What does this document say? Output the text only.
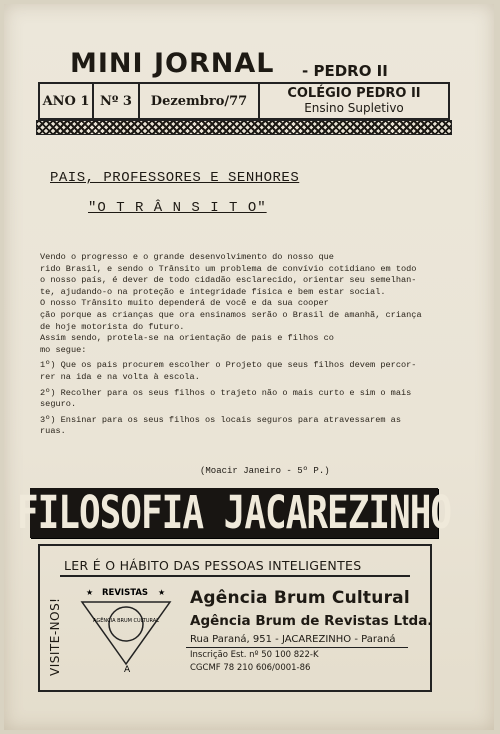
MINI JORNAL - PEDRO II
ANO 1 Nº 3	Dezembro/77	COLÉGIO PEDRO II
Ensino Supletivo
PAIS, PROFESSORES E SENHORES
"O T R Â N S I T O"
Vendo o progresso e o grande desenvolvimento do nosso que
rido Brasil, e sendo o Trânsito um problema de convívio cotidiano em todo
o nosso país, é dever de todo cidadão esclarecido, orientar seu semelhan-
te, ajudando-o na proteção e integridade física e bem estar social.
O nosso Trânsito muito dependerá de você e da sua cooper
ção porque as crianças que ora ensinamos serão o Brasil de amanhã, criança
de hoje motorista do futuro.
Assim sendo, protela-se na orientação de pais e filhos co
mo segue:
1º) Que os pais procurem escolher o Projeto que seus filhos devem percor-
rer na ida e na volta à escola.
2º) Recolher para os seus filhos o trajeto não o mais curto e sim o mais
seguro.
3º) Ensinar para os seus filhos os locais seguros para atravessarem as
ruas.
(Moacir Janeiro - 5º P.)
FILOSOFIA JACAREZINHO
LER É O HÁBITO DAS PESSOAS INTELIGENTES
VISITE-NOS!
★ REVISTAS ★
AGÊNCIA BRUM CULTURAL
A
Agência Brum Cultural
Agência Brum de Revistas Ltda.
Rua Paraná, 951 - JACAREZINHO - Paraná
Inscrição Est. nº 50 100 822-K
CGCMF 78 210 606/0001-86
